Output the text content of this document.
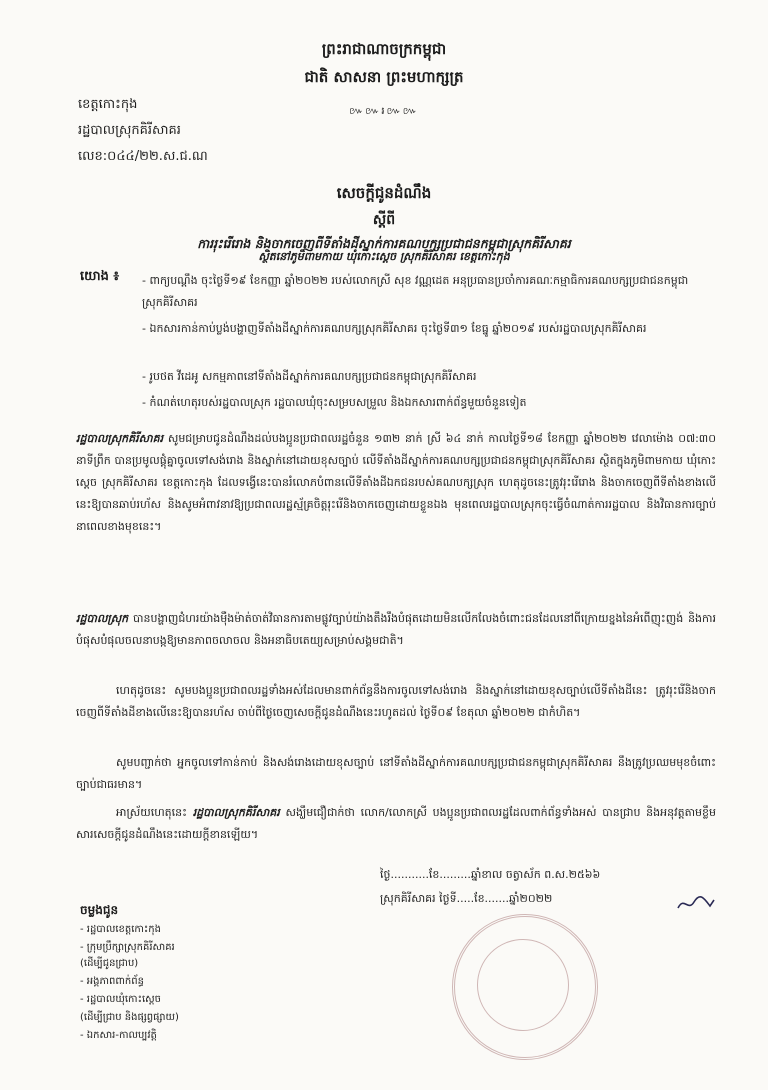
ព្រះរាជាណាចក្រកម្ពុជា
ជាតិ សាសនា ព្រះមហាក្សត្រ
៚៚៛៚៚
ខេត្តកោះកុង
រដ្ឋបាលស្រុកគិរីសាគរ
លេខ:០៤៤/២២.ស.ជ.ណ
សេចក្តីជូនដំណឹង
ស្តីពី
ការរុះរើរោង និងចាកចេញពីទីតាំងដីស្នាក់ការគណបក្សប្រជាជនកម្ពុជាស្រុកគិរីសាគរ
យោង ៖ - ពាក្យបណ្តឹង ចុះថ្ងៃទី១៩ ខែកញ្ញា ឆ្នាំ២០២២ របស់លោកស្រី សុខ វណ្ណដេត អនុប្រធានប្រចាំការគណៈកម្មាធិការគណបក្សប្រជាជនកម្ពុជាស្រុកគិរីសាគរ
- ឯកសារកាន់កាប់ប្លង់បង្ហាញទីតាំងដីស្នាក់ការគណបក្សស្រុកគិរីសាគរ ចុះថ្ងៃទី៣១ ខែធ្នូ ឆ្នាំ២០១៩ របស់រដ្ឋបាលស្រុកគិរីសាគរ
- រូបថត វីដេអូ សកម្មភាពនៅទីតាំងដីស្នាក់ការគណបក្សប្រជាជនកម្ពុជាស្រុកគិរីសាគរ
- កំណត់ហេតុរបស់រដ្ឋបាលស្រុក រដ្ឋបាលឃុំចុះសម្របសម្រួល និងឯកសារពាក់ព័ន្ធមួយចំនួនទៀត
ស្ថិតនៅភូមិពាមកាយ ឃុំកោះស្តេច ស្រុកគិរីសាគរ ខេត្តកោះកុង
រដ្ឋបាលស្រុកគិរីសាគរ សូមជម្រាបជូនដំណឹងដល់បងប្អូនប្រជាពលរដ្ឋចំនួន ១៣២ នាក់ ស្រី ៦៤ នាក់ កាលថ្ងៃទី១៨ ខែកញ្ញា ឆ្នាំ២០២២ វេលាម៉ោង ០៧:៣០ នាទីព្រឹក បានប្រមូលផ្តុំគ្នាចូលទៅសង់រោង និងស្នាក់នៅដោយខុសច្បាប់ លើទីតាំងដីស្នាក់ការគណបក្សប្រជាជនកម្ពុជាស្រុកគិរីសាគរ ស្ថិតក្នុងភូមិពាមកាយ ឃុំកោះស្តេច ស្រុកគិរីសាគរ ខេត្តកោះកុង ដែលទង្វើនេះបានរំលោភបំពានលើទីតាំងដីឯកជនរបស់គណបក្សស្រុក ហេតុដូចនេះត្រូវរុះរើរោង និងចាកចេញពីទីតាំងខាងលើនេះឱ្យបានឆាប់រហ័ស និងសូមអំពាវនាវឱ្យប្រជាពលរដ្ឋស្ម័គ្រចិត្តរុះរើនិងចាកចេញដោយខ្លួនឯង មុនពេលរដ្ឋបាលស្រុកចុះធ្វើចំណាត់ការរដ្ឋបាល និងវិធានការច្បាប់ នាពេលខាងមុខនេះ។
រដ្ឋបាលស្រុក បានបង្ហាញជំហរយ៉ាងម៉ឺងម៉ាត់ចាត់វិធានការតាមផ្លូវច្បាប់យ៉ាងតឹងរឹងបំផុតដោយមិនលើកលែងចំពោះជនដែលនៅពីក្រោយខ្នងនៃអំពើញុះញង់ និងការបំផុសបំផុលចលនាបង្កឱ្យមានភាពចលាចល និងអនាធិបតេយ្យសម្រាប់សង្គមជាតិ។
ហេតុដូចនេះ សូមបងប្អូនប្រជាពលរដ្ឋទាំងអស់ដែលមានពាក់ព័ន្ធនឹងការចូលទៅសង់រោង និងស្នាក់នៅដោយខុសច្បាប់លើទីតាំងដីនេះ ត្រូវរុះរើនិងចាកចេញពីទីតាំងដីខាងលើនេះឱ្យបានរហ័ស ចាប់ពីថ្ងៃចេញសេចក្តីជូនដំណឹងនេះរហូតដល់ ថ្ងៃទី០៩ ខែតុលា ឆ្នាំ២០២២ ជាកំហិត។
សូមបញ្ជាក់ថា អ្នកចូលទៅកាន់កាប់ និងសង់រោងដោយខុសច្បាប់ នៅទីតាំងដីស្នាក់ការគណបក្សប្រជាជនកម្ពុជាស្រុកគិរីសាគរ នឹងត្រូវប្រឈមមុខចំពោះច្បាប់ជាធរមាន។
អាស្រ័យហេតុនេះ រដ្ឋបាលស្រុកគិរីសាគរ សង្ឃឹមជឿជាក់ថា លោក/លោកស្រី បងប្អូនប្រជាពលរដ្ឋដែលពាក់ព័ន្ធទាំងអស់ បានជ្រាប និងអនុវត្តតាមខ្លឹមសារសេចក្តីជូនដំណឹងនេះដោយក្តីខានឡើយ។
ថ្ងៃ...........ខែ.........ឆ្នាំខាល ចត្វាស័ក ព.ស.២៥៦៦
ស្រុកគិរីសាគរ ថ្ងៃទី.....ខែ.......ឆ្នាំ២០២២
ចម្លងជូន
- រដ្ឋបាលខេត្តកោះកុង
- ក្រុមប្រឹក្សាស្រុកគិរីសាគរ
(ដើម្បីជូនជ្រាប)
- អង្គភាពពាក់ព័ន្ធ
- រដ្ឋបាលឃុំកោះស្តេច
(ដើម្បីជ្រាប និងផ្សព្វផ្សាយ)
- ឯកសារ-កាលប្បវត្តិ
